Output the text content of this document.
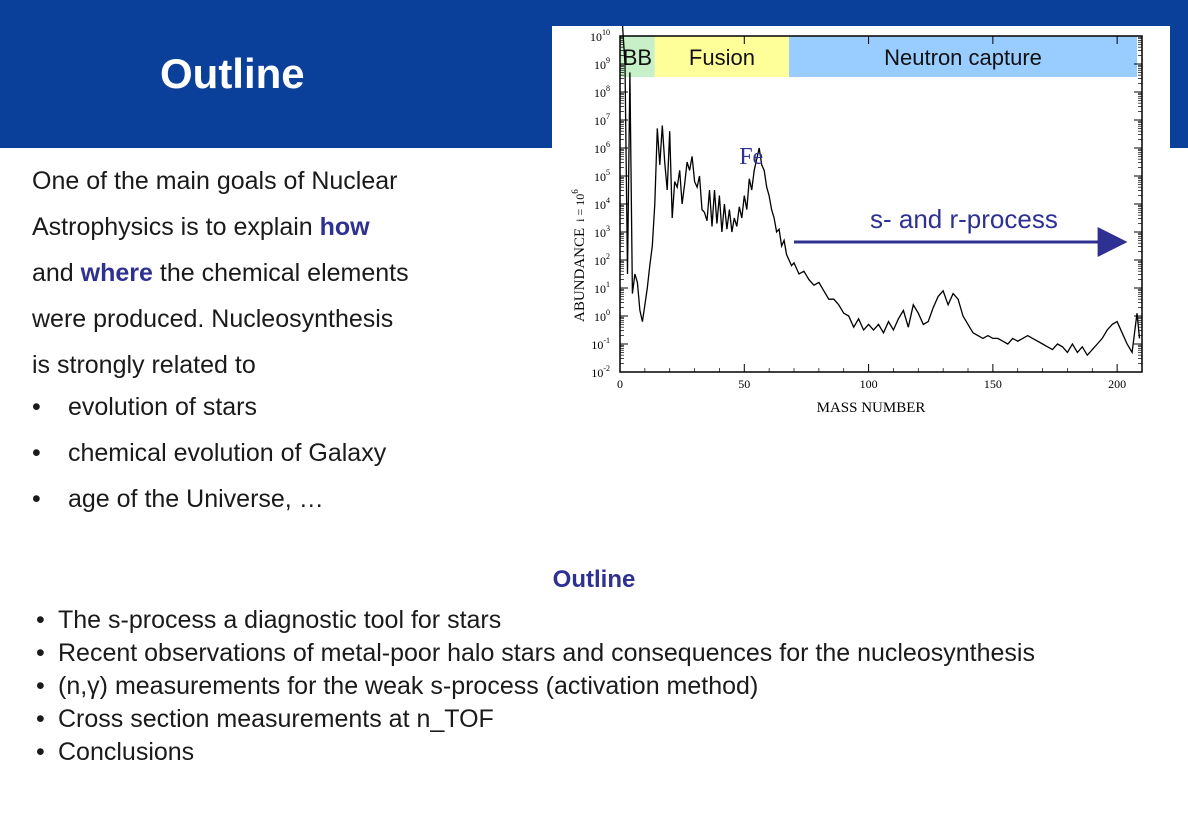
Outline
One of the main goals of Nuclear
Astrophysics is to explain how
and where the chemical elements
were produced. Nucleosynthesis
is strongly related to
• evolution of stars
• chemical evolution of Galaxy
• age of the Universe, …
BB Fusion	Neutron capture
$10^{-2}$
$10^{-1}$
$10^0$
$10^1$
$10^2$
$10^3$
$10^4$
$10^5$
$10^6$
$10^7$
$10^8$
$10^9$
$10^{10}$
0	50	100	150	200
Fe
s- and r-process
MASS NUMBER
ABUNDANCEi = $10^6$
Outline
• The s-process a diagnostic tool for stars
• Recent observations of metal-poor halo stars and consequences for the nucleosynthesis
• (n,γ) measurements for the weak s-process (activation method)
• Cross section measurements at n_TOF
• Conclusions
